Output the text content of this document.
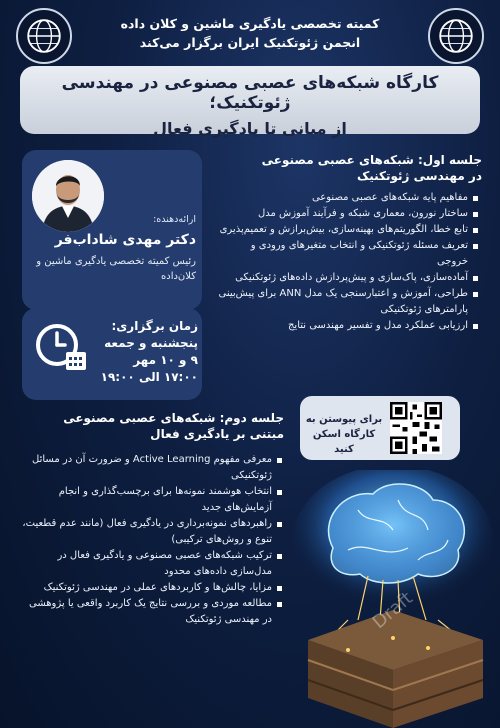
کمیته تخصصی یادگیری ماشین و کلان داده
انجمن ژئوتکنیک ایران برگزار می‌کند
کارگاه شبکه‌های عصبی مصنوعی در مهندسی ژئوتکنیک؛
از مبانی تا یادگیری فعال
ارائه‌دهنده:
دکتر مهدی شاداب‌فر
رئیس کمیته تخصصی یادگیری ماشین و کلان‌داده
زمان برگزاری:
پنجشنبه و جمعه
۹ و ۱۰ مهر
۱۷:۰۰ الی ۱۹:۰۰
جلسه اول: شبکه‌های عصبی مصنوعی در مهندسی ژئوتکنیک
مفاهیم پایه شبکه‌های عصبی مصنوعی
ساختار نورون، معماری شبکه و فرآیند آموزش مدل
تابع خطا، الگوریتم‌های بهینه‌سازی، بیش‌برازش و تعمیم‌پذیری
تعریف مسئله ژئوتکنیکی و انتخاب متغیرهای ورودی و خروجی
آماده‌سازی، پاک‌سازی و پیش‌پردازش داده‌های ژئوتکنیکی
طراحی، آموزش و اعتبارسنجی یک مدل ANN برای پیش‌بینی پارامترهای ژئوتکنیکی
ارزیابی عملکرد مدل و تفسیر مهندسی نتایج
برای پیوستن به کارگاه اسکن کنید
جلسه دوم: شبکه‌های عصبی مصنوعی مبتنی بر یادگیری فعال
معرفی مفهوم Active Learning و ضرورت آن در مسائل ژئوتکنیکی
انتخاب هوشمند نمونه‌ها برای برچسب‌گذاری و انجام آزمایش‌های جدید
راهبردهای نمونه‌برداری در یادگیری فعال (مانند عدم قطعیت، تنوع و روش‌های ترکیبی)
ترکیب شبکه‌های عصبی مصنوعی و یادگیری فعال در مدل‌سازی داده‌های محدود
مزایا، چالش‌ها و کاربردهای عملی در مهندسی ژئوتکنیک
مطالعه موردی و بررسی نتایج یک کاربرد واقعی یا پژوهشی در مهندسی ژئوتکنیک	Draft
